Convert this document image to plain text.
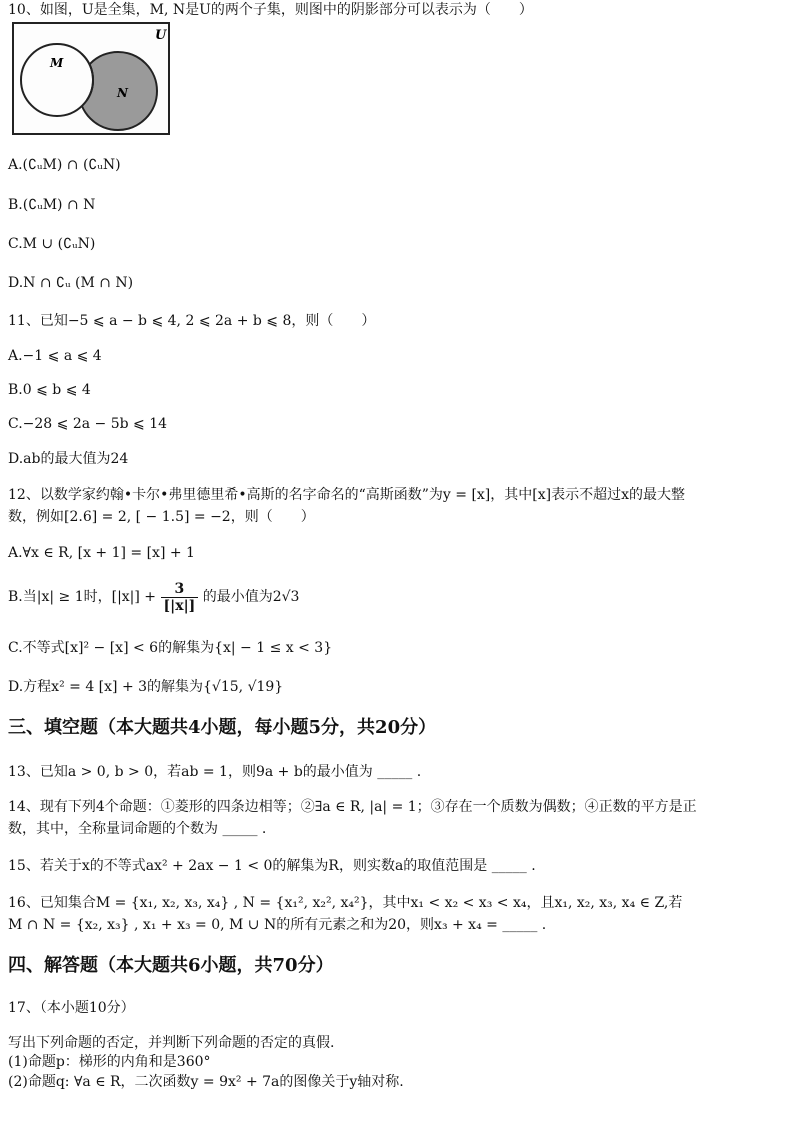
10、如图，U是全集，M, N是U的两个子集，则图中的阴影部分可以表示为（　　）
U
M
N
A.(∁ᵤM) ∩ (∁ᵤN)
B.(∁ᵤM) ∩ N
C.M ∪ (∁ᵤN)
D.N ∩ ∁ᵤ (M ∩ N)
11、已知−5 ⩽ a − b ⩽ 4, 2 ⩽ 2a + b ⩽ 8，则（　　）
A.−1 ⩽ a ⩽ 4
B.0 ⩽ b ⩽ 4
C.−28 ⩽ 2a − 5b ⩽ 14
D.ab的最大值为24
12、以数学家约翰•卡尔•弗里德里希•高斯的名字命名的“高斯函数”为y = [x]，其中[x]表示不超过x的最大整
数，例如[2.6] = 2, [ − 1.5] = −2，则（　　）
A.∀x ∈ R, [x + 1] = [x] + 1
B.当|x| ≥ 1时，$[|x|] + \frac{3}{[|x|]}$ 的最小值为2√3
C.不等式[x]² − [x] < 6的解集为{x| − 1 ≤ x < 3}
D.方程x² = 4 [x] + 3的解集为{√15, √19}
三、填空题（本大题共4小题，每小题5分，共20分）
13、已知a > 0, b > 0，若ab = 1，则9a + b的最小值为 _____ .
14、现有下列4个命题：①菱形的四条边相等；②∃a ∈ R, |a| = 1；③存在一个质数为偶数；④正数的平方是正
数，其中，全称量词命题的个数为 _____ .
15、若关于x的不等式ax² + 2ax − 1 < 0的解集为R，则实数a的取值范围是 _____ .
16、已知集合M = {x₁, x₂, x₃, x₄} , N = {x₁², x₂², x₄²}，其中x₁ < x₂ < x₃ < x₄，且x₁, x₂, x₃, x₄ ∈ Z,若
M ∩ N = {x₂, x₃} , x₁ + x₃ = 0, M ∪ N的所有元素之和为20，则x₃ + x₄ = _____ .
四、解答题（本大题共6小题，共70分）
17、（本小题10分）
写出下列命题的否定，并判断下列命题的否定的真假.
(1)命题p：梯形的内角和是360°
(2)命题q: ∀a ∈ R，二次函数y = 9x² + 7a的图像关于y轴对称.
